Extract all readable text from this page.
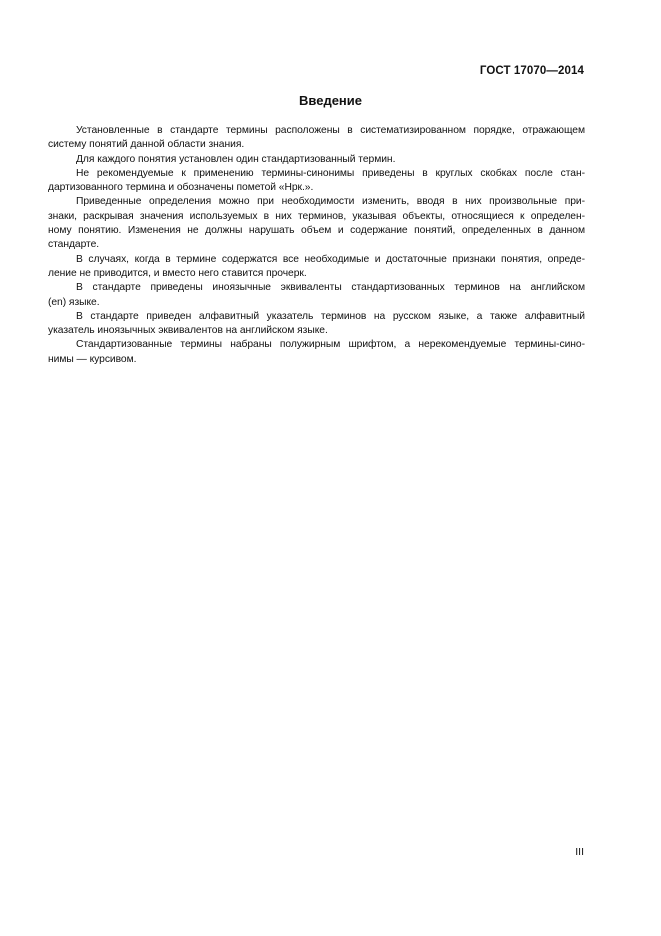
ГОСТ 17070—2014

Введение
Установленные в стандарте термины расположены в систематизированном порядке, отражающем
систему понятий данной области знания.
Для каждого понятия установлен один стандартизованный термин.
Не рекомендуемые к применению термины-синонимы приведены в круглых скобках после стан-
дартизованного термина и обозначены пометой «Нрк.».
Приведенные определения можно при необходимости изменить, вводя в них произвольные при-
знаки, раскрывая значения используемых в них терминов, указывая объекты, относящиеся к определен-
ному понятию. Изменения не должны нарушать объем и содержание понятий, определенных в данном
стандарте.
В случаях, когда в термине содержатся все необходимые и достаточные признаки понятия, опреде-
ление не приводится, и вместо него ставится прочерк.
В стандарте приведены иноязычные эквиваленты стандартизованных терминов на английском
(en) языке.
В стандарте приведен алфавитный указатель терминов на русском языке, а также алфавитный
указатель иноязычных эквивалентов на английском языке.
Стандартизованные термины набраны полужирным шрифтом, а нерекомендуемые термины-сино-
нимы — курсивом.

III
